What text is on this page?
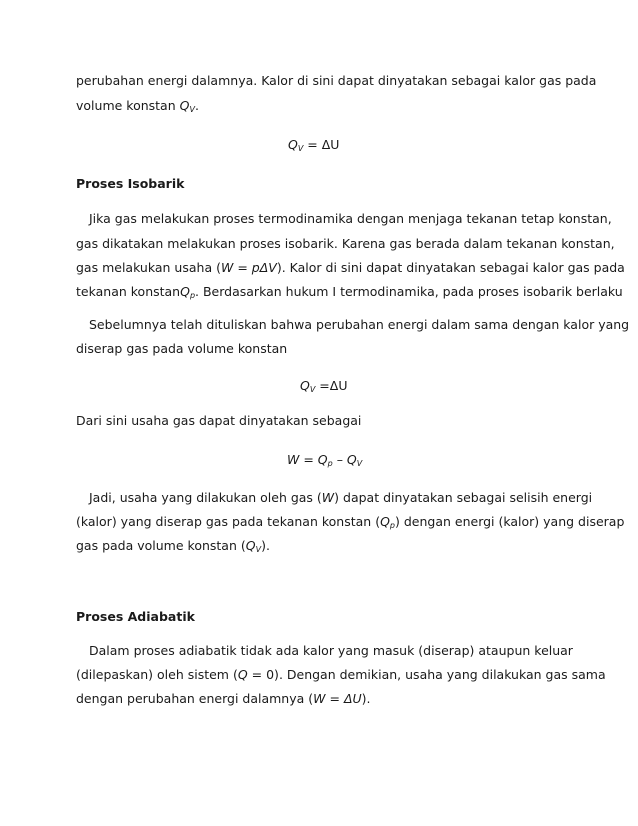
perubahan energi dalamnya. Kalor di sini dapat dinyatakan sebagai kalor gas pada
volume konstan $Q_V$.
$Q_V = \Delta U$
Proses Isobarik
Jika gas melakukan proses termodinamika dengan menjaga tekanan tetap konstan,
gas dikatakan melakukan proses isobarik. Karena gas berada dalam tekanan konstan,
gas melakukan usaha (W = pΔV). Kalor di sini dapat dinyatakan sebagai kalor gas pada
tekanan konstanQ$_p$. Berdasarkan hukum I termodinamika, pada proses isobarik berlaku
Sebelumnya telah dituliskan bahwa perubahan energi dalam sama dengan kalor yang
diserap gas pada volume konstan
$Q_V =\Delta U$
Dari sini usaha gas dapat dinyatakan sebagai
$W = Q_p - Q_V$
Jadi, usaha yang dilakukan oleh gas (W) dapat dinyatakan sebagai selisih energi
(kalor) yang diserap gas pada tekanan konstan $(Q_p)$ dengan energi (kalor) yang diserap
gas pada volume konstan $(Q_V)$.
Proses Adiabatik
Dalam proses adiabatik tidak ada kalor yang masuk (diserap) ataupun keluar
(dilepaskan) oleh sistem (Q = 0). Dengan demikian, usaha yang dilakukan gas sama
dengan perubahan energi dalamnya (W = ΔU).
